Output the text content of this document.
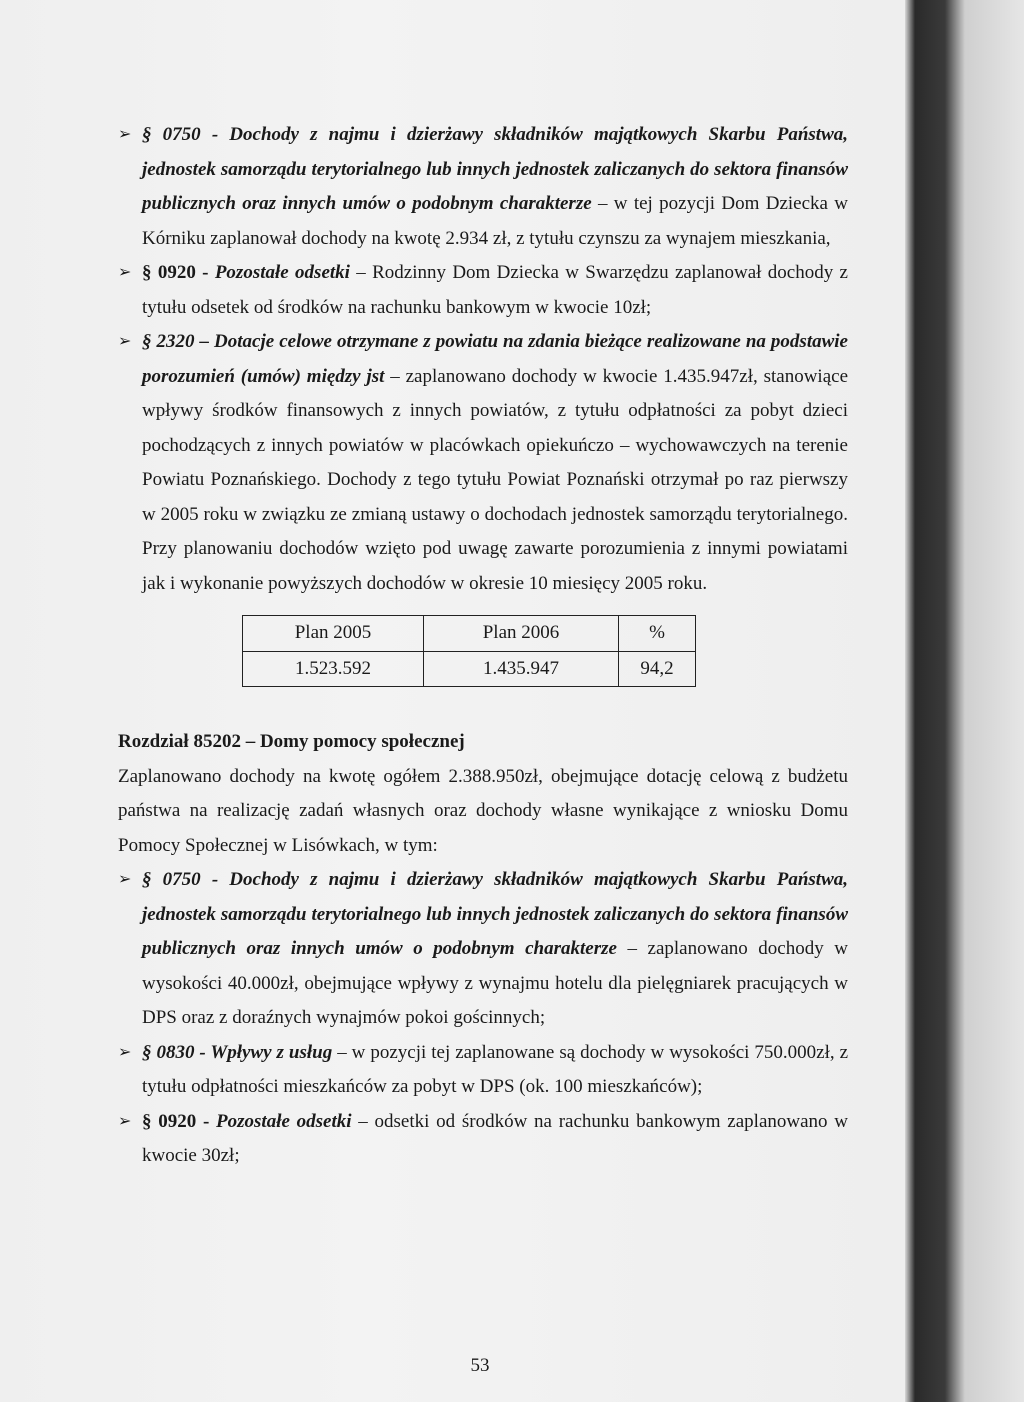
➢ § 0750 - Dochody z najmu i dzierżawy składników majątkowych Skarbu Państwa, jednostek samorządu terytorialnego lub innych jednostek zaliczanych do sektora finansów publicznych oraz innych umów o podobnym charakterze – w tej pozycji Dom Dziecka w Kórniku zaplanował dochody na kwotę 2.934 zł, z tytułu czynszu za wynajem mieszkania,

➢ § 0920 - Pozostałe odsetki – Rodzinny Dom Dziecka w Swarzędzu zaplanował dochody z tytułu odsetek od środków na rachunku bankowym w kwocie 10zł;

➢ § 2320 – Dotacje celowe otrzymane z powiatu na zdania bieżące realizowane na podstawie porozumień (umów) między jst – zaplanowano dochody w kwocie 1.435.947zł, stanowiące wpływy środków finansowych z innych powiatów, z tytułu odpłatności za pobyt dzieci pochodzących z innych powiatów w placówkach opiekuńczo – wychowawczych na terenie Powiatu Poznańskiego. Dochody z tego tytułu Powiat Poznański otrzymał po raz pierwszy w 2005 roku w związku ze zmianą ustawy o dochodach jednostek samorządu terytorialnego. Przy planowaniu dochodów wzięto pod uwagę zawarte porozumienia z innymi powiatami jak i wykonanie powyższych dochodów w okresie 10 miesięcy 2005 roku.

Plan 2005	Plan 2006	%
1.523.592	1.435.947	94,2

Rozdział 85202 – Domy pomocy społecznej

Zaplanowano dochody na kwotę ogółem 2.388.950zł, obejmujące dotację celową z budżetu państwa na realizację zadań własnych oraz dochody własne wynikające z wniosku Domu Pomocy Społecznej w Lisówkach, w tym:

➢ § 0750 - Dochody z najmu i dzierżawy składników majątkowych Skarbu Państwa, jednostek samorządu terytorialnego lub innych jednostek zaliczanych do sektora finansów publicznych oraz innych umów o podobnym charakterze – zaplanowano dochody w wysokości 40.000zł, obejmujące wpływy z wynajmu hotelu dla pielęgniarek pracujących w DPS oraz z doraźnych wynajmów pokoi gościnnych;

➢ § 0830 - Wpływy z usług – w pozycji tej zaplanowane są dochody w wysokości 750.000zł, z tytułu odpłatności mieszkańców za pobyt w DPS (ok. 100 mieszkańców);

➢ § 0920 - Pozostałe odsetki – odsetki od środków na rachunku bankowym zaplanowano w kwocie 30zł;

53
